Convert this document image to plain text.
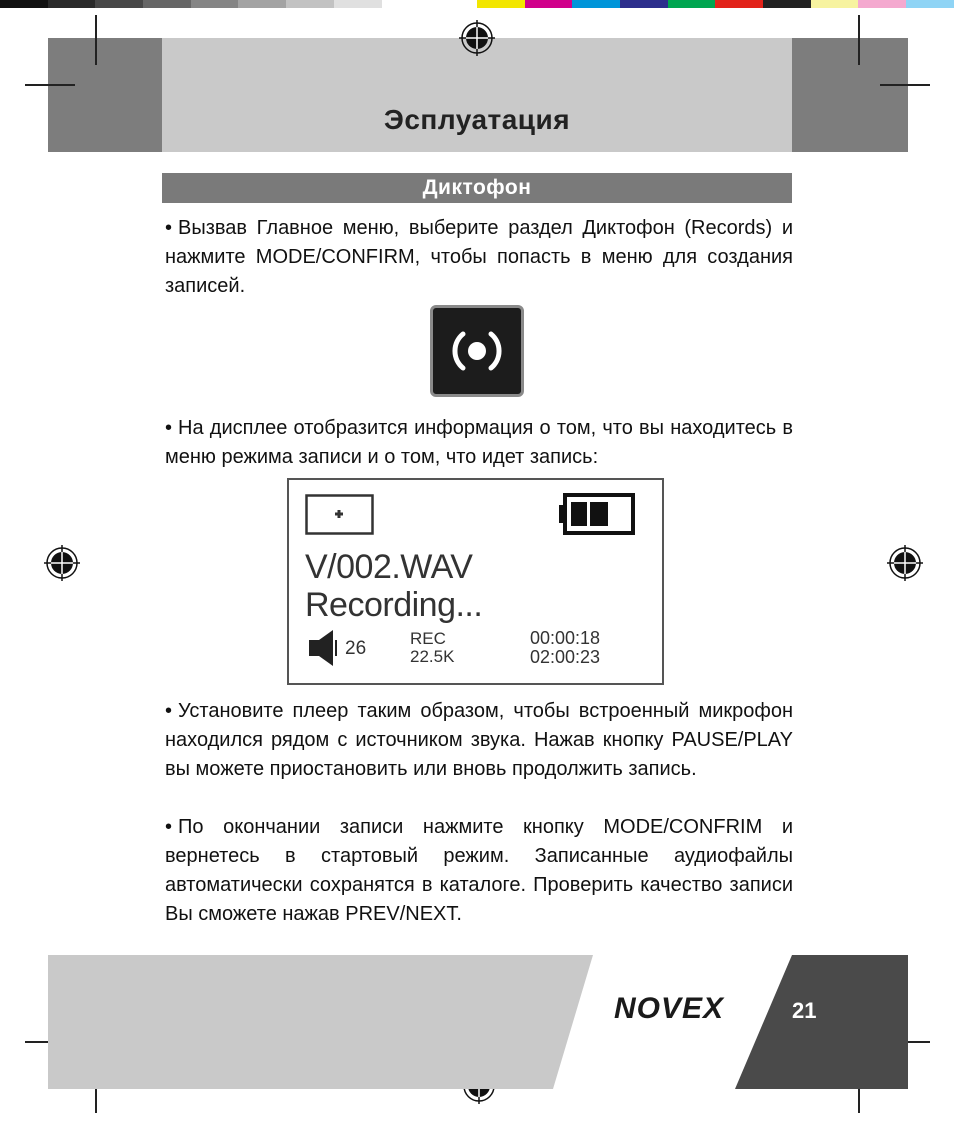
Эсплуатация
Диктофон
• Вызвав Главное меню, выберите раздел Диктофон (Records) и нажмите MODE/CONFIRM, чтобы попасть в меню для создания записей.
• На дисплее отобразится информация о том, что вы находитесь в меню режима записи и о том, что идет запись:
V/002.WAV
Recording...
26	REC
22.5K
00:00:18
02:00:23
• Установите плеер таким образом, чтобы встроенный микрофон находился рядом с источником звука. Нажав кнопку PAUSE/PLAY вы можете приостановить или вновь продолжить запись.
• По окончании записи нажмите кнопку MODE/CONFRIM и вернетесь в стартовый режим. Записанные аудиофайлы автоматически сохранятся в каталоге. Проверить качество записи Вы сможете нажав PREV/NEXT.
NOVEX	21
